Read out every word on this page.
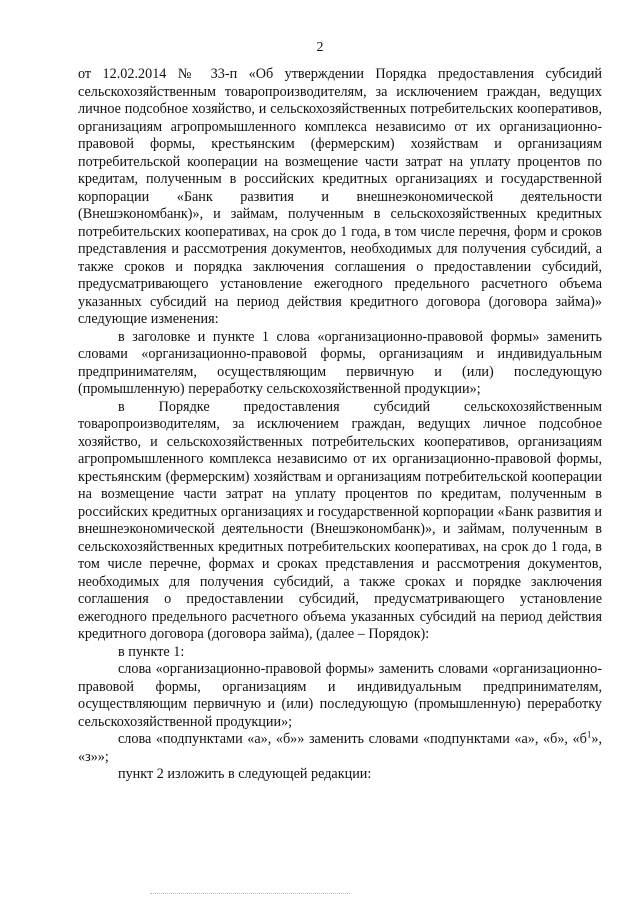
2

от 12.02.2014 № 33-п «Об утверждении Порядка предоставления субсидий сельскохозяйственным товаропроизводителям, за исключением граждан, ведущих личное подсобное хозяйство, и сельскохозяйственных потребительских кооперативов, организациям агропромышленного комплекса независимо от их организационно-правовой формы, крестьянским (фермерским) хозяйствам и организациям потребительской кооперации на возмещение части затрат на уплату процентов по кредитам, полученным в российских кредитных организациях и государственной корпорации «Банк развития и внешнеэкономической деятельности (Внешэкономбанк)», и займам, полученным в сельскохозяйственных кредитных потребительских кооперативах, на срок до 1 года, в том числе перечня, форм и сроков представления и рассмотрения документов, необходимых для получения субсидий, а также сроков и порядка заключения соглашения о предоставлении субсидий, предусматривающего установление ежегодного предельного расчетного объема указанных субсидий на период действия кредитного договора (договора займа)» следующие изменения:

в заголовке и пункте 1 слова «организационно-правовой формы» заменить словами «организационно-правовой формы, организациям и индивидуальным предпринимателям, осуществляющим первичную и (или) последующую (промышленную) переработку сельскохозяйственной продукции»;

в Порядке предоставления субсидий сельскохозяйственным товаропроизводителям, за исключением граждан, ведущих личное подсобное хозяйство, и сельскохозяйственных потребительских кооперативов, организациям агропромышленного комплекса независимо от их организационно-правовой формы, крестьянским (фермерским) хозяйствам и организациям потребительской кооперации на возмещение части затрат на уплату процентов по кредитам, полученным в российских кредитных организациях и государственной корпорации «Банк развития и внешнеэкономической деятельности (Внешэкономбанк)», и займам, полученным в сельскохозяйственных кредитных потребительских кооперативах, на срок до 1 года, в том числе перечне, формах и сроках представления и рассмотрения документов, необходимых для получения субсидий, а также сроках и порядке заключения соглашения о предоставлении субсидий, предусматривающего установление ежегодного предельного расчетного объема указанных субсидий на период действия кредитного договора (договора займа), (далее – Порядок):

в пункте 1:

слова «организационно-правовой формы» заменить словами «организационно-правовой формы, организациям и индивидуальным предпринимателям, осуществляющим первичную и (или) последующую (промышленную) переработку сельскохозяйственной продукции»;

слова «подпунктами «а», «б»» заменить словами «подпунктами «а», «б», «$б^1$», «з»»;

пункт 2 изложить в следующей редакции:
